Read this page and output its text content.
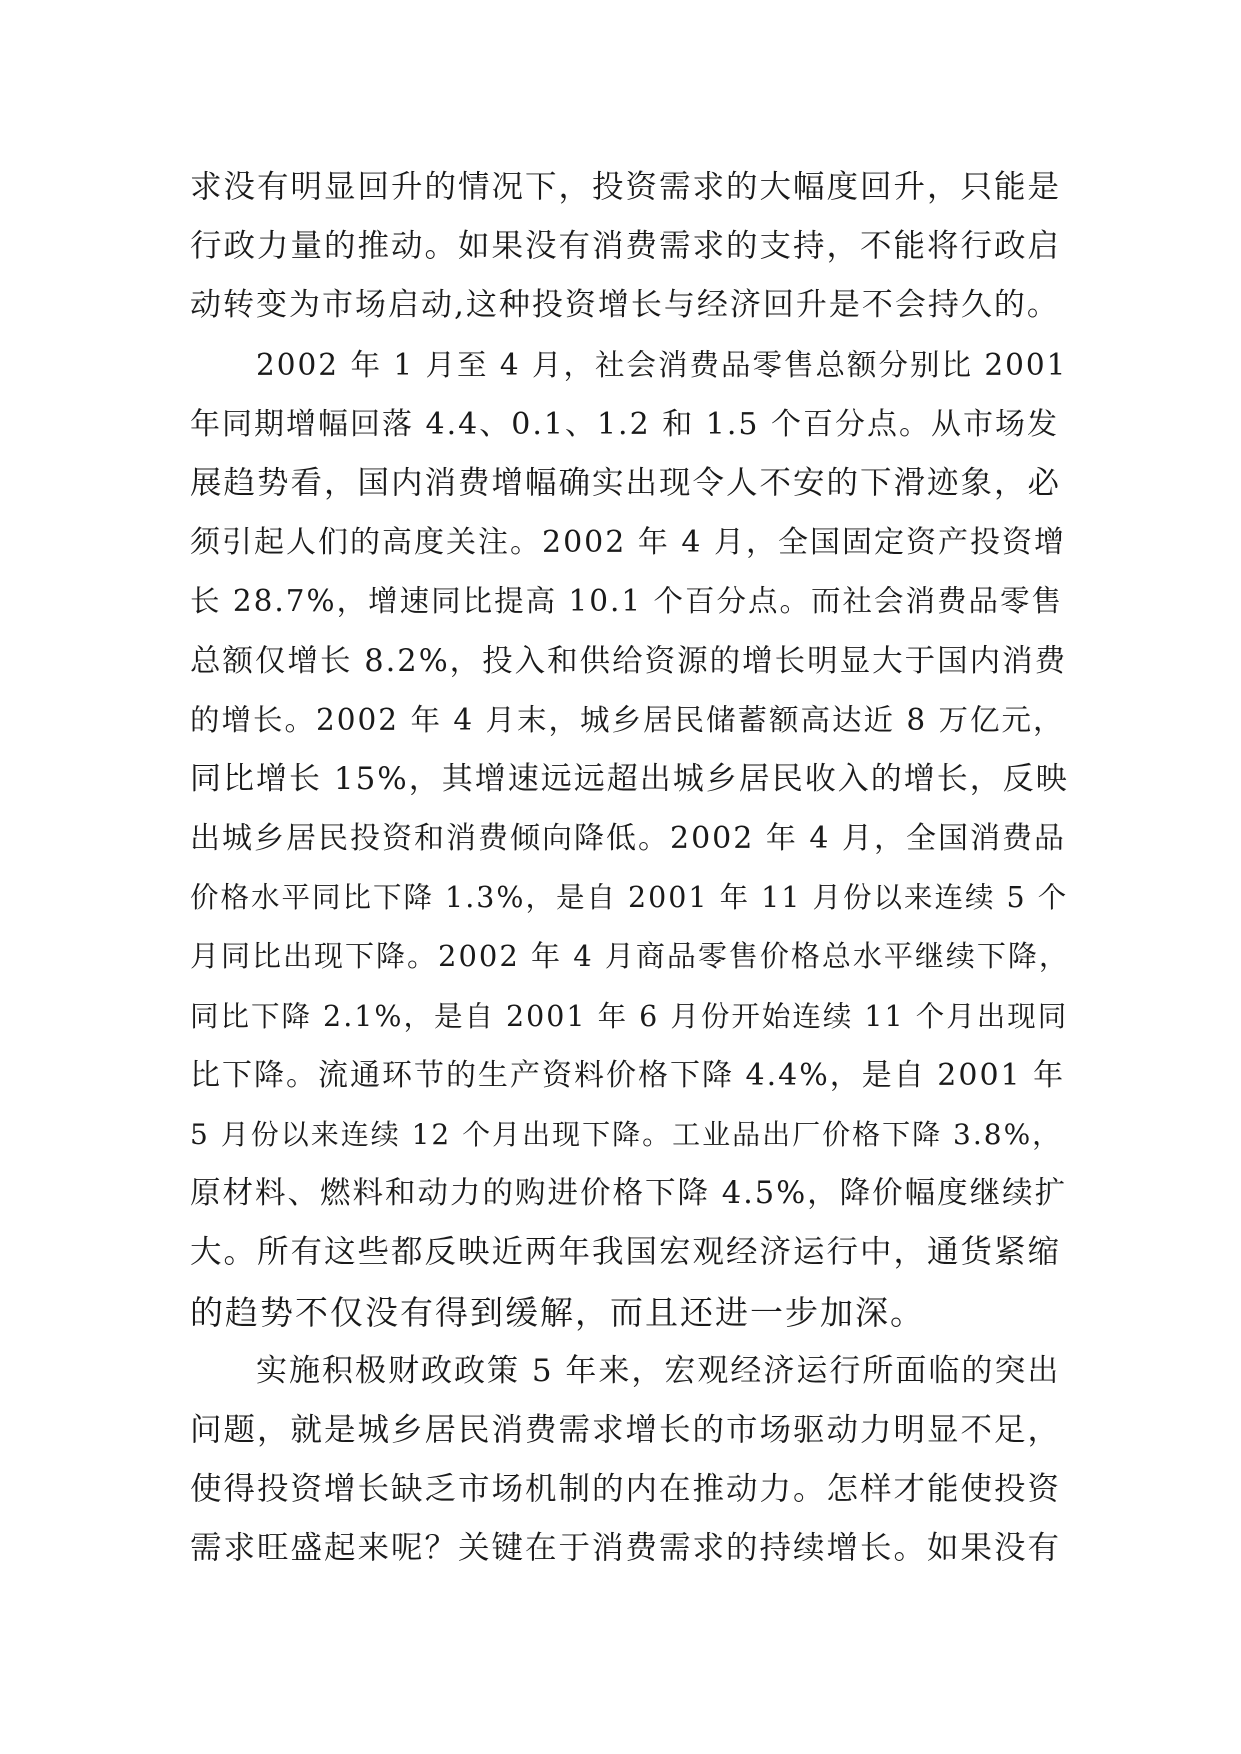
求没有明显回升的情况下，投资需求的大幅度回升，只能是
行政力量的推动。如果没有消费需求的支持，不能将行政启
动转变为市场启动,这种投资增长与经济回升是不会持久的。
2002 年 1 月至 4 月，社会消费品零售总额分别比 2001
年同期增幅回落 4.4、0.1、1.2 和 1.5 个百分点。从市场发
展趋势看，国内消费增幅确实出现令人不安的下滑迹象，必
须引起人们的高度关注。2002 年 4 月，全国固定资产投资增
长 28.7%，增速同比提高 10.1 个百分点。而社会消费品零售
总额仅增长 8.2%，投入和供给资源的增长明显大于国内消费
的增长。2002 年 4 月末，城乡居民储蓄额高达近 8 万亿元，
同比增长 15%，其增速远远超出城乡居民收入的增长，反映
出城乡居民投资和消费倾向降低。2002 年 4 月，全国消费品
价格水平同比下降 1.3%，是自 2001 年 11 月份以来连续 5 个
月同比出现下降。2002 年 4 月商品零售价格总水平继续下降，
同比下降 2.1%，是自 2001 年 6 月份开始连续 11 个月出现同
比下降。流通环节的生产资料价格下降 4.4%，是自 2001 年
5 月份以来连续 12 个月出现下降。工业品出厂价格下降 3.8%，
原材料、燃料和动力的购进价格下降 4.5%，降价幅度继续扩
大。所有这些都反映近两年我国宏观经济运行中，通货紧缩
的趋势不仅没有得到缓解，而且还进一步加深。
实施积极财政政策 5 年来，宏观经济运行所面临的突出
问题，就是城乡居民消费需求增长的市场驱动力明显不足，
使得投资增长缺乏市场机制的内在推动力。怎样才能使投资
需求旺盛起来呢？关键在于消费需求的持续增长。如果没有
